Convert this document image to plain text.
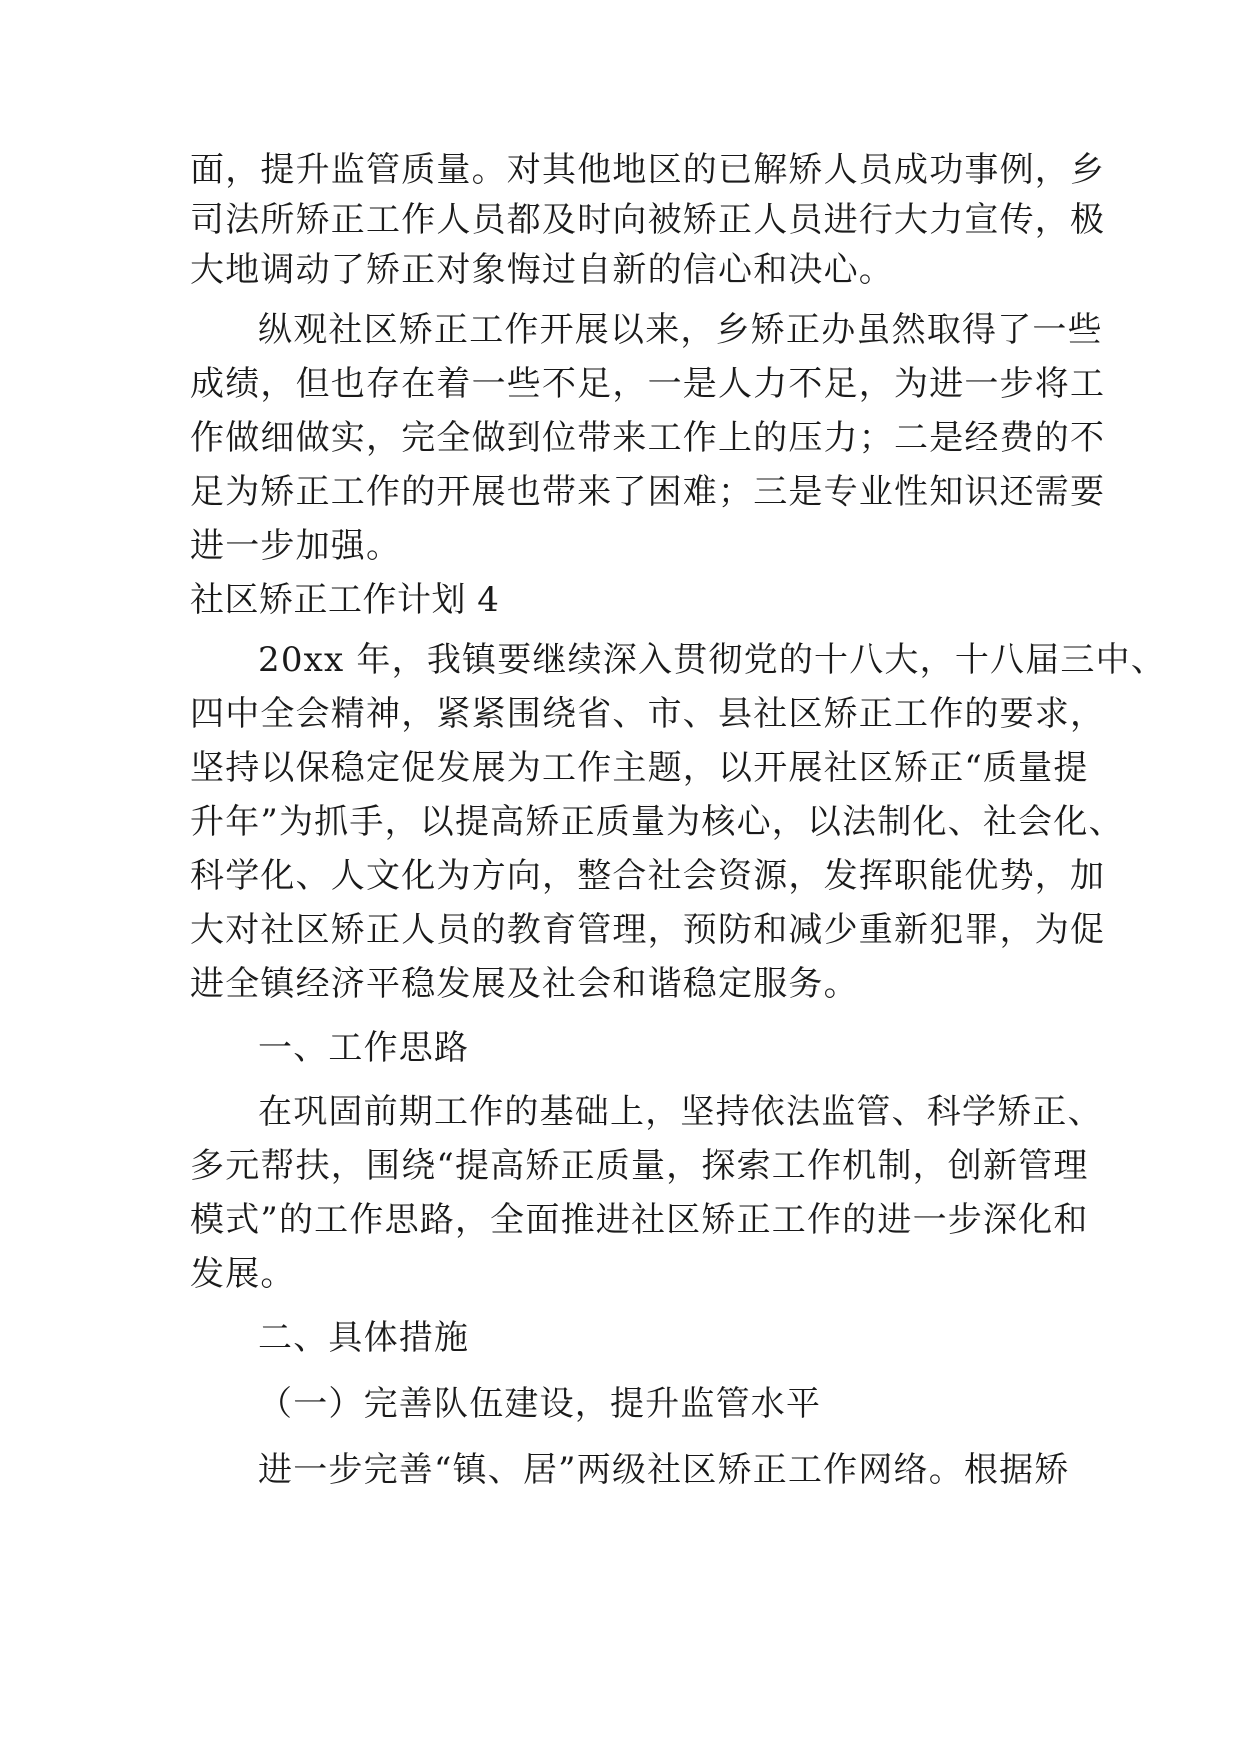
面，提升监管质量。对其他地区的已解矫人员成功事例，乡
司法所矫正工作人员都及时向被矫正人员进行大力宣传，极
大地调动了矫正对象悔过自新的信心和决心。
纵观社区矫正工作开展以来，乡矫正办虽然取得了一些
成绩，但也存在着一些不足，一是人力不足，为进一步将工
作做细做实，完全做到位带来工作上的压力；二是经费的不
足为矫正工作的开展也带来了困难；三是专业性知识还需要
进一步加强。
社区矫正工作计划 4
20xx 年，我镇要继续深入贯彻党的十八大，十八届三中、
四中全会精神，紧紧围绕省、市、县社区矫正工作的要求，
坚持以保稳定促发展为工作主题，以开展社区矫正“质量提
升年”为抓手，以提高矫正质量为核心，以法制化、社会化、
科学化、人文化为方向，整合社会资源，发挥职能优势，加
大对社区矫正人员的教育管理，预防和减少重新犯罪，为促
进全镇经济平稳发展及社会和谐稳定服务。
一、工作思路
在巩固前期工作的基础上，坚持依法监管、科学矫正、
多元帮扶，围绕“提高矫正质量，探索工作机制，创新管理
模式”的工作思路，全面推进社区矫正工作的进一步深化和
发展。
二、具体措施
（一）完善队伍建设，提升监管水平
进一步完善“镇、居”两级社区矫正工作网络。根据矫
